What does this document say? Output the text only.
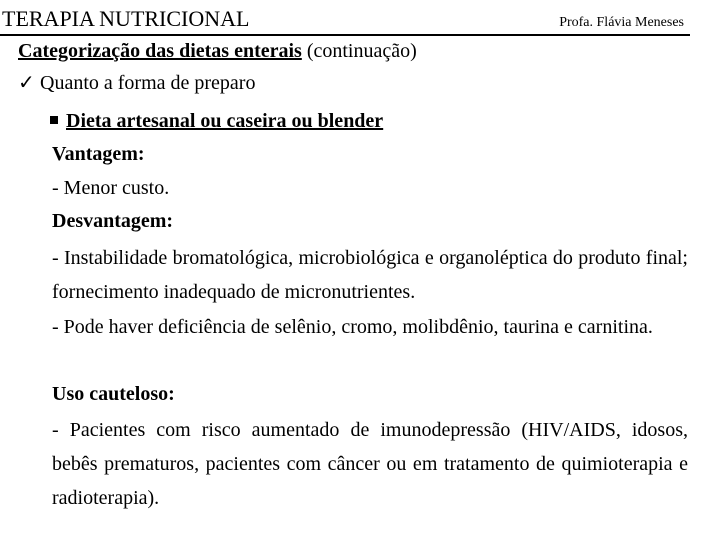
TERAPIA NUTRICIONAL	Profa. Flávia Meneses
Categorização das dietas enterais (continuação)
✓ Quanto a forma de preparo
Dieta artesanal ou caseira ou blender
Vantagem:
- Menor custo.
Desvantagem:
- Instabilidade bromatológica, microbiológica e organoléptica do produto final; fornecimento inadequado de micronutrientes.
- Pode haver deficiência de selênio, cromo, molibdênio, taurina e carnitina.
Uso cauteloso:
- Pacientes com risco aumentado de imunodepressão (HIV/AIDS, idosos, bebês prematuros, pacientes com câncer ou em tratamento de quimioterapia e radioterapia).
